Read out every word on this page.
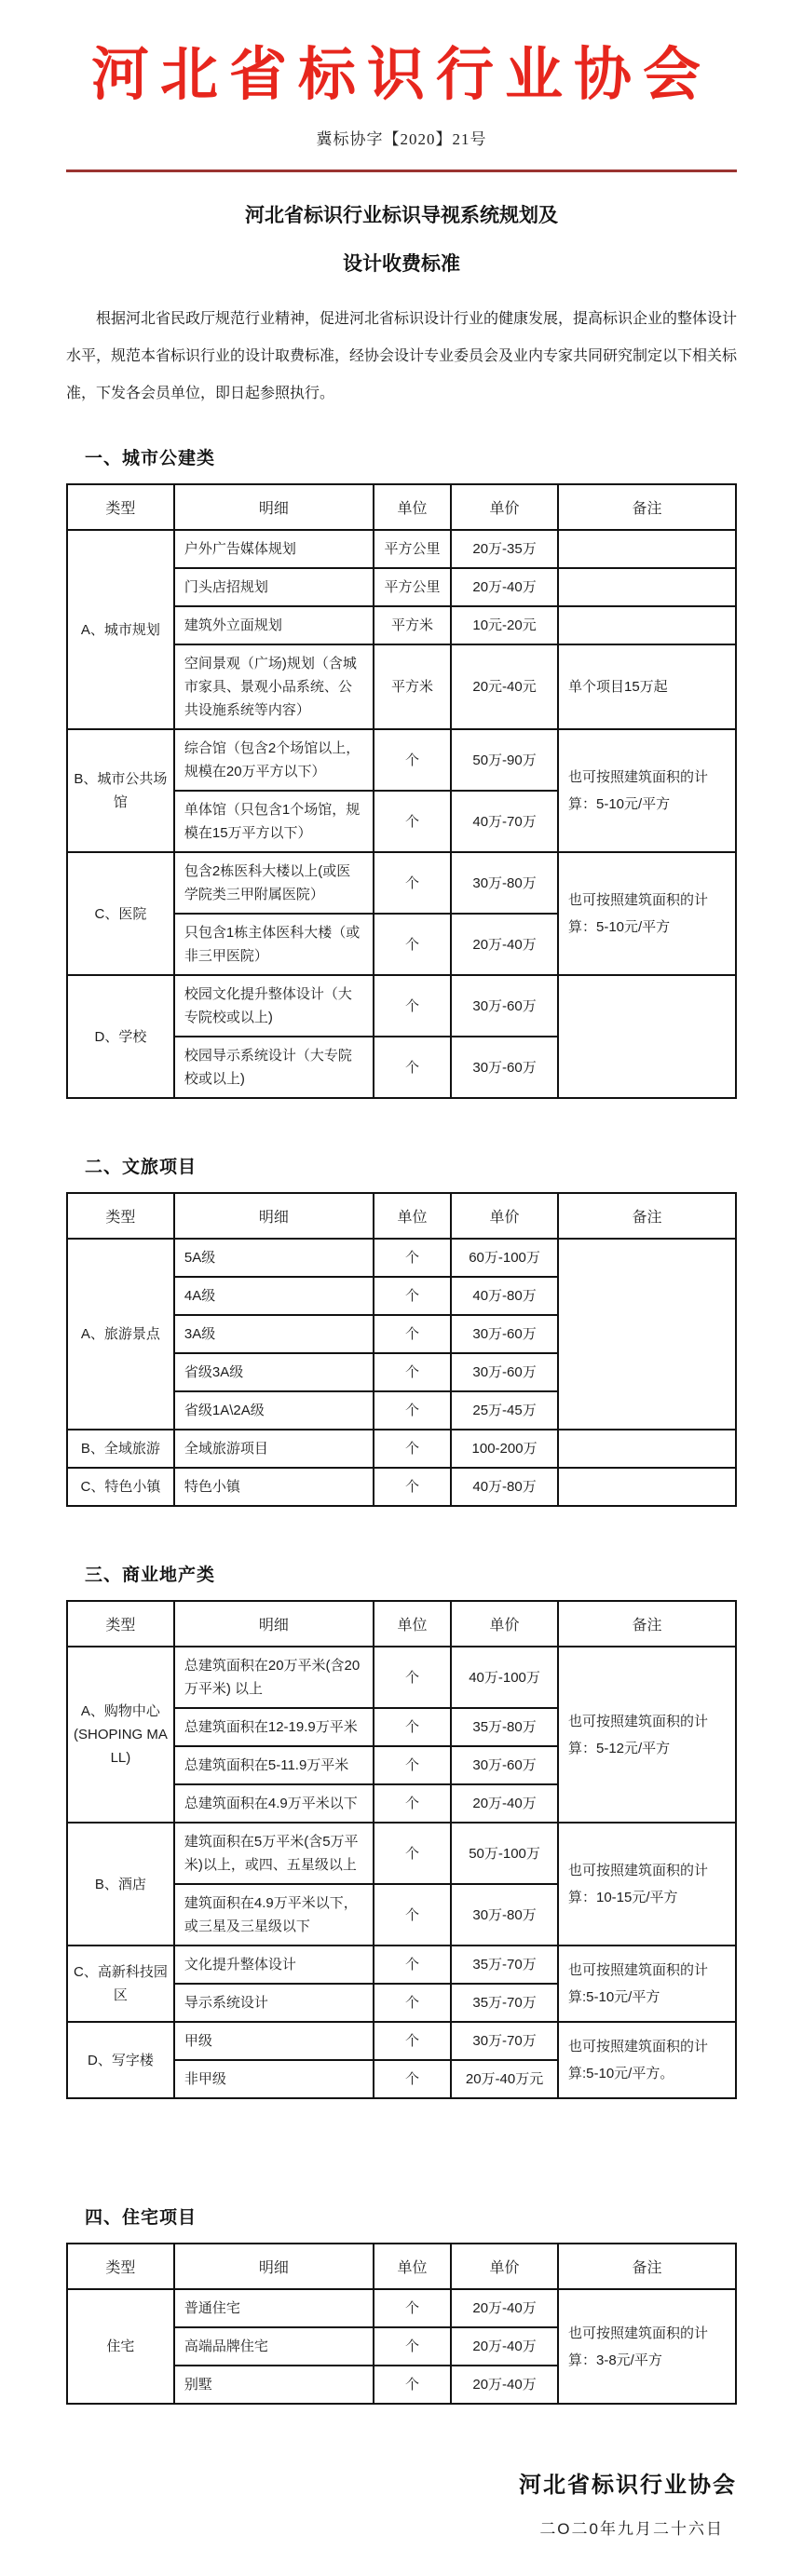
河北省标识行业协会
冀标协字【2020】21号
河北省标识行业标识导视系统规划及
设计收费标准

根据河北省民政厅规范行业精神，促进河北省标识设计行业的健康发展，提高标识企业的整体设计水平，规范本省标识行业的设计取费标准，经协会设计专业委员会及业内专家共同研究制定以下相关标准，下发各会员单位，即日起参照执行。

一、城市公建类
类型	明细	单位	单价	备注
A、城市规划	户外广告媒体规划	平方公里	20万-35万	
	门头店招规划	平方公里	20万-40万	
	建筑外立面规划	平方米	10元-20元	
	空间景观（广场)规划（含城市家具、景观小品系统、公共设施系统等内容）	平方米	20元-40元	单个项目15万起
B、城市公共场馆	综合馆（包含2个场馆以上，规模在20万平方以下）	个	50万-90万	也可按照建筑面积的计算：5-10元/平方
	单体馆（只包含1个场馆，规模在15万平方以下）	个	40万-70万	
C、医院	包含2栋医科大楼以上(或医学院类三甲附属医院）	个	30万-80万	也可按照建筑面积的计算：5-10元/平方
	只包含1栋主体医科大楼（或非三甲医院）	个	20万-40万	
D、学校	校园文化提升整体设计（大专院校或以上)	个	30万-60万	
	校园导示系统设计（大专院校或以上)	个	30万-60万	
二、文旅项目
类型	明细	单位	单价	备注
A、旅游景点	5A级	个	60万-100万	
	4A级	个	40万-80万	
	3A级	个	30万-60万	
	省级3A级	个	30万-60万	
	省级1A\2A级	个	25万-45万	
B、全域旅游	全域旅游项目	个	100-200万	
C、特色小镇	特色小镇	个	40万-80万	
三、商业地产类
类型	明细	单位	单价	备注
A、购物中心 (SHOPING MALL)	总建筑面积在20万平米(含20万平米) 以上	个	40万-100万	也可按照建筑面积的计算：5-12元/平方
	总建筑面积在12-19.9万平米	个	35万-80万	
	总建筑面积在5-11.9万平米	个	30万-60万	
	总建筑面积在4.9万平米以下	个	20万-40万	
B、酒店	建筑面积在5万平米(含5万平米)以上，或四、五星级以上	个	50万-100万	也可按照建筑面积的计算：10-15元/平方
	建筑面积在4.9万平米以下，或三星及三星级以下	个	30万-80万	
C、高新科技园区	文化提升整体设计	个	35万-70万	也可按照建筑面积的计算:5-10元/平方
	导示系统设计	个	35万-70万	
D、写字楼	甲级	个	30万-70万	也可按照建筑面积的计算:5-10元/平方。
	非甲级	个	20万-40万元	
四、住宅项目
类型	明细	单位	单价	备注
住宅	普通住宅	个	20万-40万	也可按照建筑面积的计算：3-8元/平方
	高端品牌住宅	个	20万-40万	
	别墅	个	20万-40万	
河北省标识行业协会
二O二0年九月二十六日
